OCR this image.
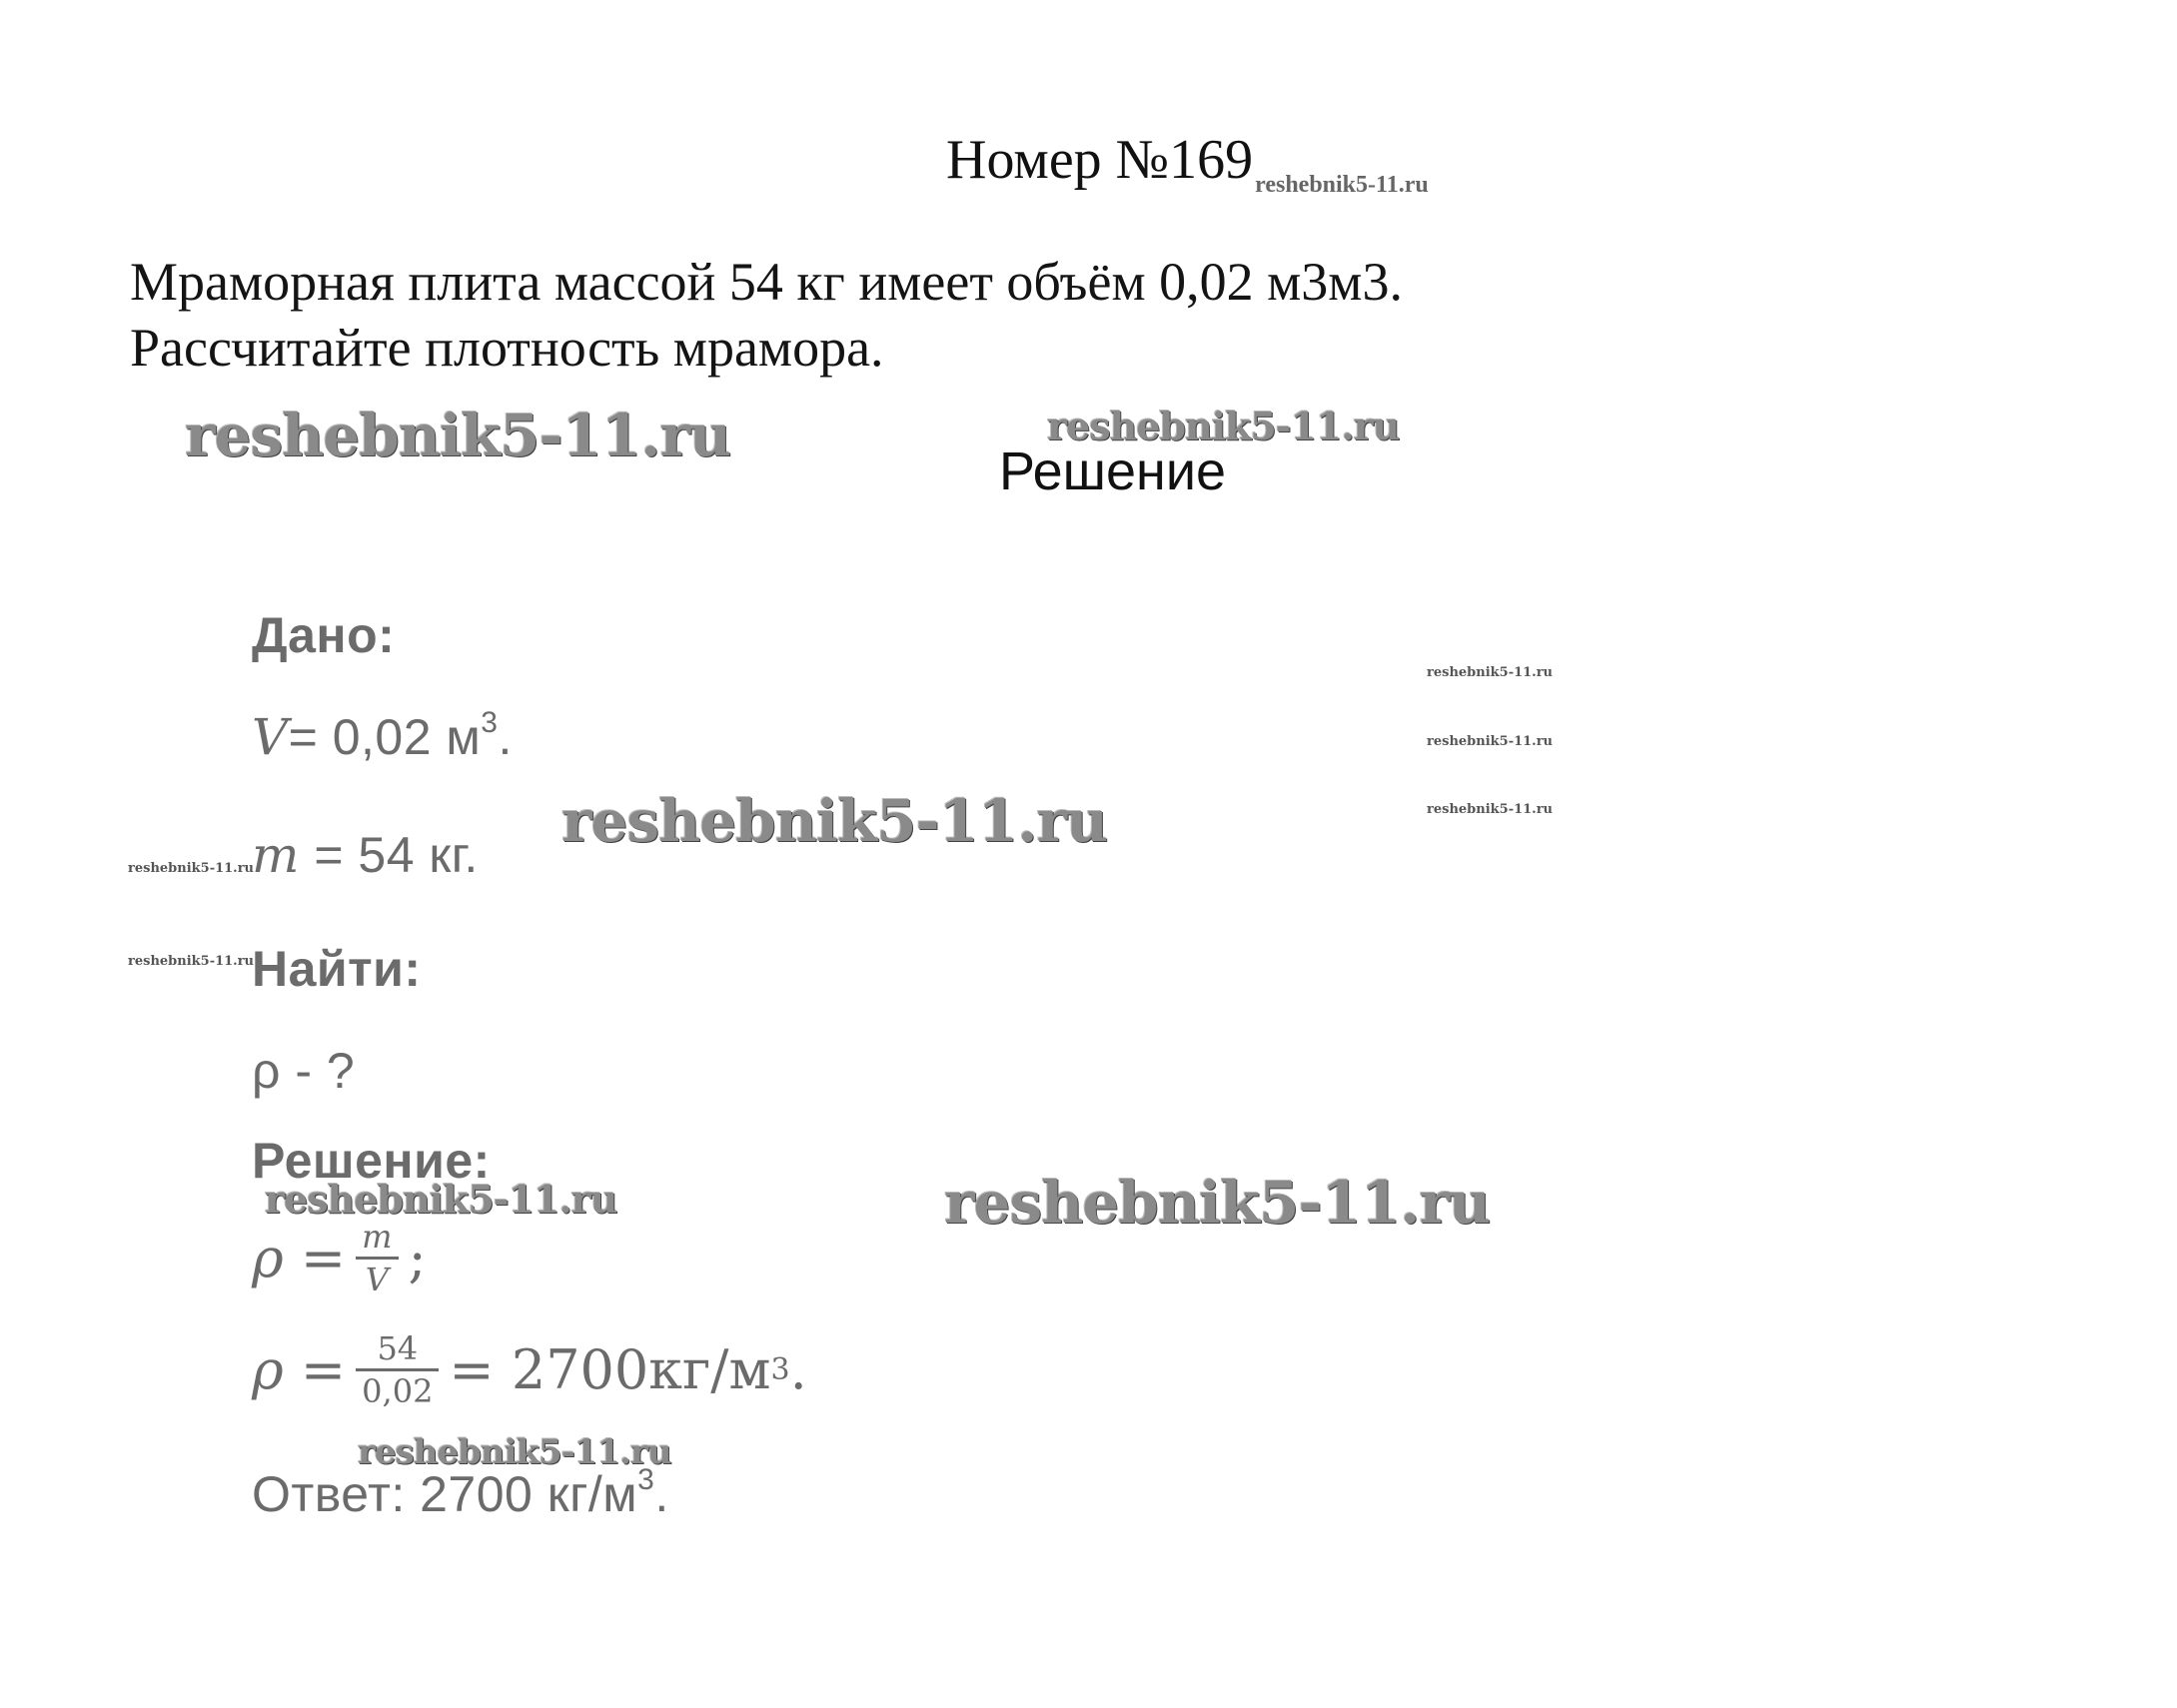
Номер $№169_{reshebnik5-11.ru}$
Мраморная плита массой 54 кг имеет объём 0,02 м3м3.
Рассчитайте плотность мрамора.
Решение
Дано:
V= 0,02 $м^3$.
m = 54 кг.
Найти:
ρ - ?
Решение:
$\rho = \frac{m}{V}$ ;
$\rho = \frac{54}{0,02} = 2700кг/м$ 3 .
Ответ: 2700 $кг/м^3$.
reshebnik5-11.ru	reshebnik5-11.ru
reshebnik5-11.ru
reshebnik5-11.ru	reshebnik5-11.ru
reshebnik5-11.ru
reshebnik5-11.ru
reshebnik5-11.ru
reshebnik5-11.ru
reshebnik5-11.ru
reshebnik5-11.ru
